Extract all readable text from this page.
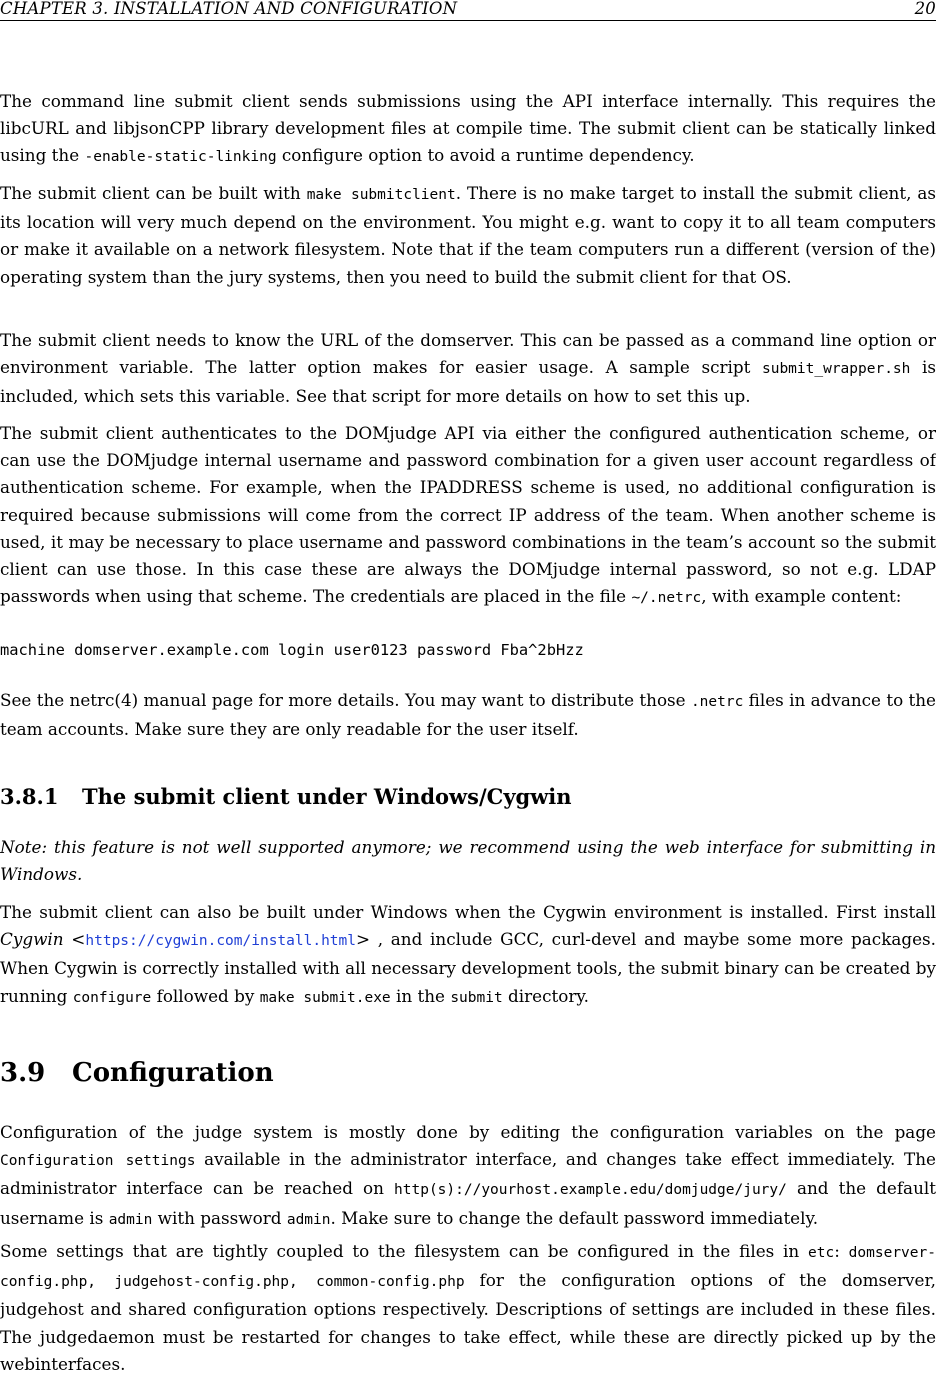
CHAPTER 3. INSTALLATION AND CONFIGURATION	20

The command line submit client sends submissions using the API interface internally. This requires the libcURL and libjsonCPP library development files at compile time. The submit client can be statically linked using the -enable-static-linking configure option to avoid a runtime dependency.

The submit client can be built with make submitclient. There is no make target to install the submit client, as its location will very much depend on the environment. You might e.g. want to copy it to all team computers or make it available on a network filesystem. Note that if the team computers run a different (version of the) operating system than the jury systems, then you need to build the submit client for that OS.

The submit client needs to know the URL of the domserver. This can be passed as a command line option or environment variable. The latter option makes for easier usage. A sample script submit_wrapper.sh is included, which sets this variable. See that script for more details on how to set this up.

The submit client authenticates to the DOMjudge API via either the configured authentication scheme, or can use the DOMjudge internal username and password combination for a given user account regardless of authentication scheme. For example, when the IPADDRESS scheme is used, no additional configuration is required because submissions will come from the correct IP address of the team. When another scheme is used, it may be necessary to place username and password combinations in the team’s account so the submit client can use those. In this case these are always the DOMjudge internal password, so not e.g. LDAP passwords when using that scheme. The credentials are placed in the file ~/.netrc, with example content:

machine domserver.example.com login user0123 password Fba^2bHzz

See the netrc(4) manual page for more details. You may want to distribute those .netrc files in advance to the team accounts. Make sure they are only readable for the user itself.

3.8.1 The submit client under Windows/Cygwin

Note: this feature is not well supported anymore; we recommend using the web interface for submitting in Windows.

The submit client can also be built under Windows when the Cygwin environment is installed. First install Cygwin <https://cygwin.com/install.html> , and include GCC, curl-devel and maybe some more packages. When Cygwin is correctly installed with all necessary development tools, the submit binary can be created by running configure followed by make submit.exe in the submit directory.

3.9 Configuration

Configuration of the judge system is mostly done by editing the configuration variables on the page Configuration settings available in the administrator interface, and changes take effect immediately. The administrator interface can be reached on http(s)://yourhost.example.edu/domjudge/jury/ and the default username is admin with password admin. Make sure to change the default password immediately.

Some settings that are tightly coupled to the filesystem can be configured in the files in etc: domserver-config.php, judgehost-config.php, common-config.php for the configuration options of the domserver, judgehost and shared configuration options respectively. Descriptions of settings are included in these files. The judgedaemon must be restarted for changes to take effect, while these are directly picked up by the webinterfaces.
